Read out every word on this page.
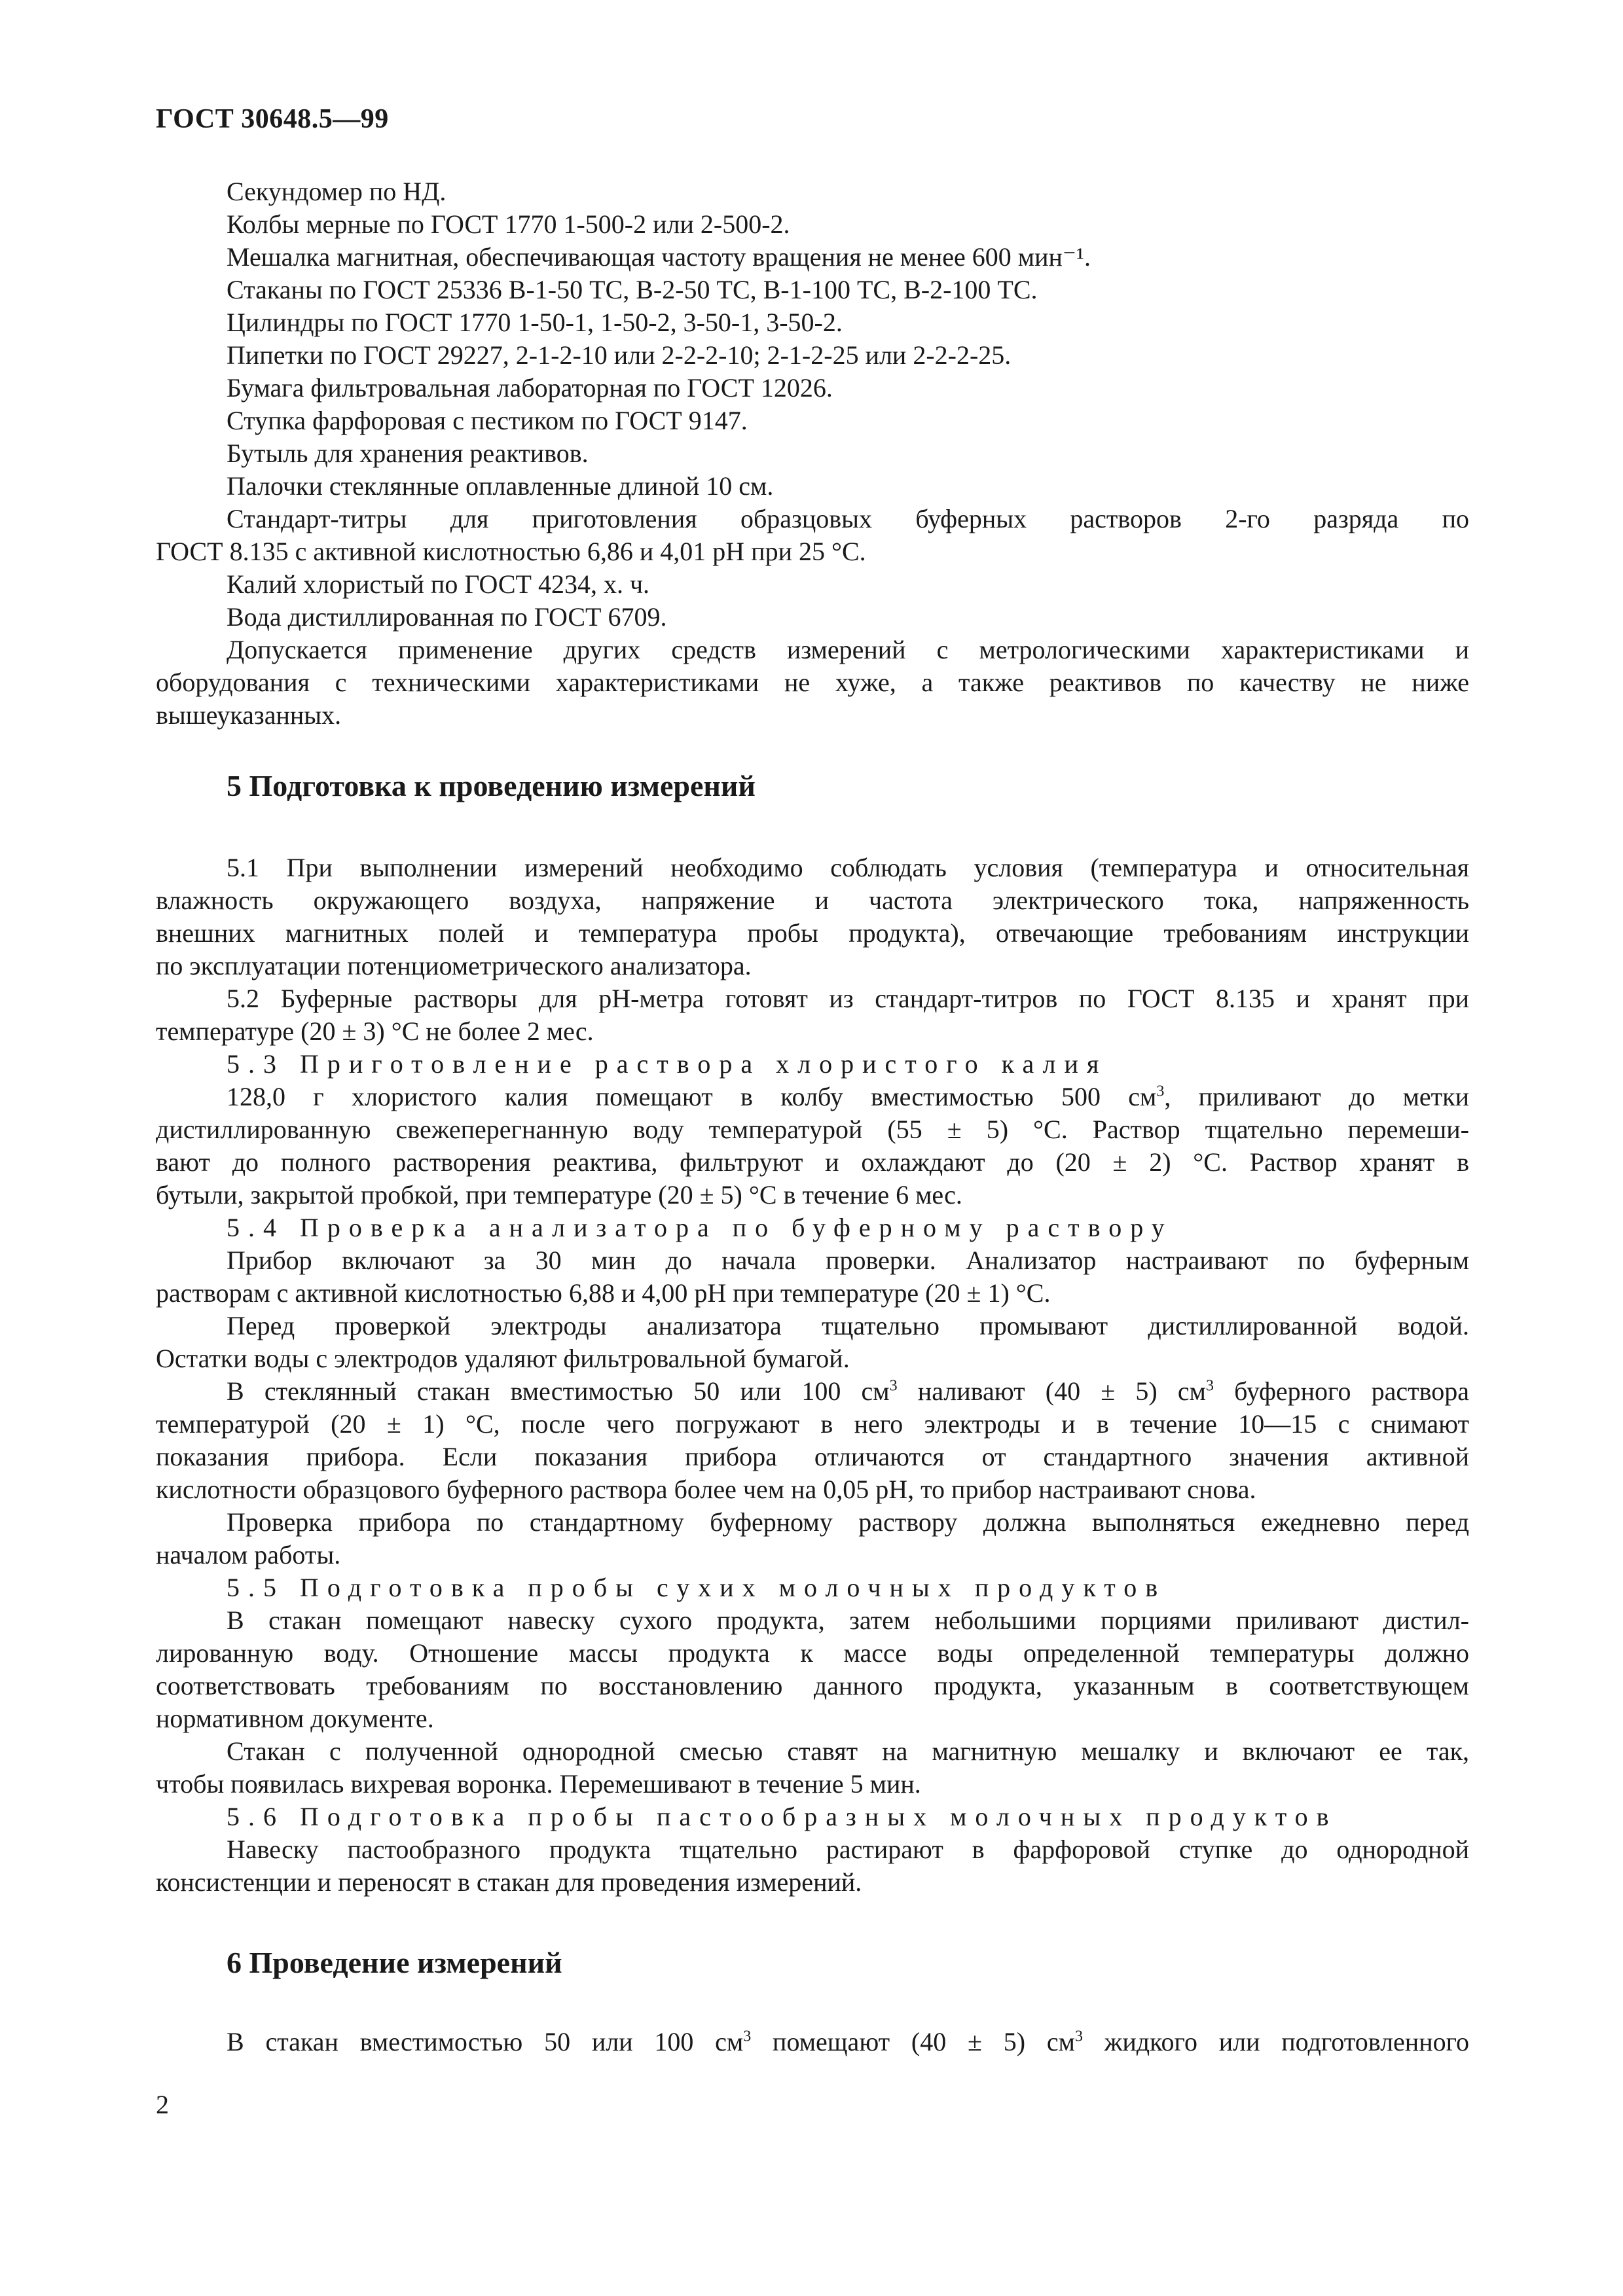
ГОСТ 30648.5—99
Секундомер по НД.
Колбы мерные по ГОСТ 1770 1-500-2 или 2-500-2.
Мешалка магнитная, обеспечивающая частоту вращения не менее 600 мин⁻¹.
Стаканы по ГОСТ 25336 В-1-50 ТС, В-2-50 ТС, В-1-100 ТС, В-2-100 ТС.
Цилиндры по ГОСТ 1770 1-50-1, 1-50-2, 3-50-1, 3-50-2.
Пипетки по ГОСТ 29227, 2-1-2-10 или 2-2-2-10; 2-1-2-25 или 2-2-2-25.
Бумага фильтровальная лабораторная по ГОСТ 12026.
Ступка фарфоровая с пестиком по ГОСТ 9147.
Бутыль для хранения реактивов.
Палочки стеклянные оплавленные длиной 10 см.
Стандарт-титры для приготовления образцовых буферных растворов 2-го разряда по
ГОСТ 8.135 с активной кислотностью 6,86 и 4,01 рН при 25 °С.
Калий хлористый по ГОСТ 4234, х. ч.
Вода дистиллированная по ГОСТ 6709.
Допускается применение других средств измерений с метрологическими характеристиками и
оборудования с техническими характеристиками не хуже, а также реактивов по качеству не ниже
вышеуказанных.
5 Подготовка к проведению измерений
5.1 При выполнении измерений необходимо соблюдать условия (температура и относительная
влажность окружающего воздуха, напряжение и частота электрического тока, напряженность
внешних магнитных полей и температура пробы продукта), отвечающие требованиям инструкции
по эксплуатации потенциометрического анализатора.
5.2 Буферные растворы для рН-метра готовят из стандарт-титров по ГОСТ 8.135 и хранят при
температуре (20 ± 3) °С не более 2 мес.
5.3 Приготовление раствора хлористого калия
128,0 г хлористого калия помещают в колбу вместимостью 500 $см^3$, приливают до метки
дистиллированную свежеперегнанную воду температурой (55 ± 5) °С. Раствор тщательно перемеши-
вают до полного растворения реактива, фильтруют и охлаждают до (20 ± 2) °С. Раствор хранят в
бутыли, закрытой пробкой, при температуре (20 ± 5) °С в течение 6 мес.
5.4 Проверка анализатора по буферному раствору
Прибор включают за 30 мин до начала проверки. Анализатор настраивают по буферным
растворам с активной кислотностью 6,88 и 4,00 рН при температуре (20 ± 1) °С.
Перед проверкой электроды анализатора тщательно промывают дистиллированной водой.
Остатки воды с электродов удаляют фильтровальной бумагой.
В стеклянный стакан вместимостью 50 или 100 $см^3$ наливают (40 ± 5) $см^3$ буферного раствора
температурой (20 ± 1) °С, после чего погружают в него электроды и в течение 10—15 с снимают
показания прибора. Если показания прибора отличаются от стандартного значения активной
кислотности образцового буферного раствора более чем на 0,05 рН, то прибор настраивают снова.
Проверка прибора по стандартному буферному раствору должна выполняться ежедневно перед
началом работы.
5.5 Подготовка пробы сухих молочных продуктов
В стакан помещают навеску сухого продукта, затем небольшими порциями приливают дистил-
лированную воду. Отношение массы продукта к массе воды определенной температуры должно
соответствовать требованиям по восстановлению данного продукта, указанным в соответствующем
нормативном документе.
Стакан с полученной однородной смесью ставят на магнитную мешалку и включают ее так,
чтобы появилась вихревая воронка. Перемешивают в течение 5 мин.
5.6 Подготовка пробы пастообразных молочных продуктов
Навеску пастообразного продукта тщательно растирают в фарфоровой ступке до однородной
консистенции и переносят в стакан для проведения измерений.
6 Проведение измерений
В стакан вместимостью 50 или 100 $см^3$ помещают (40 ± 5) $см^3$ жидкого или подготовленного
2
